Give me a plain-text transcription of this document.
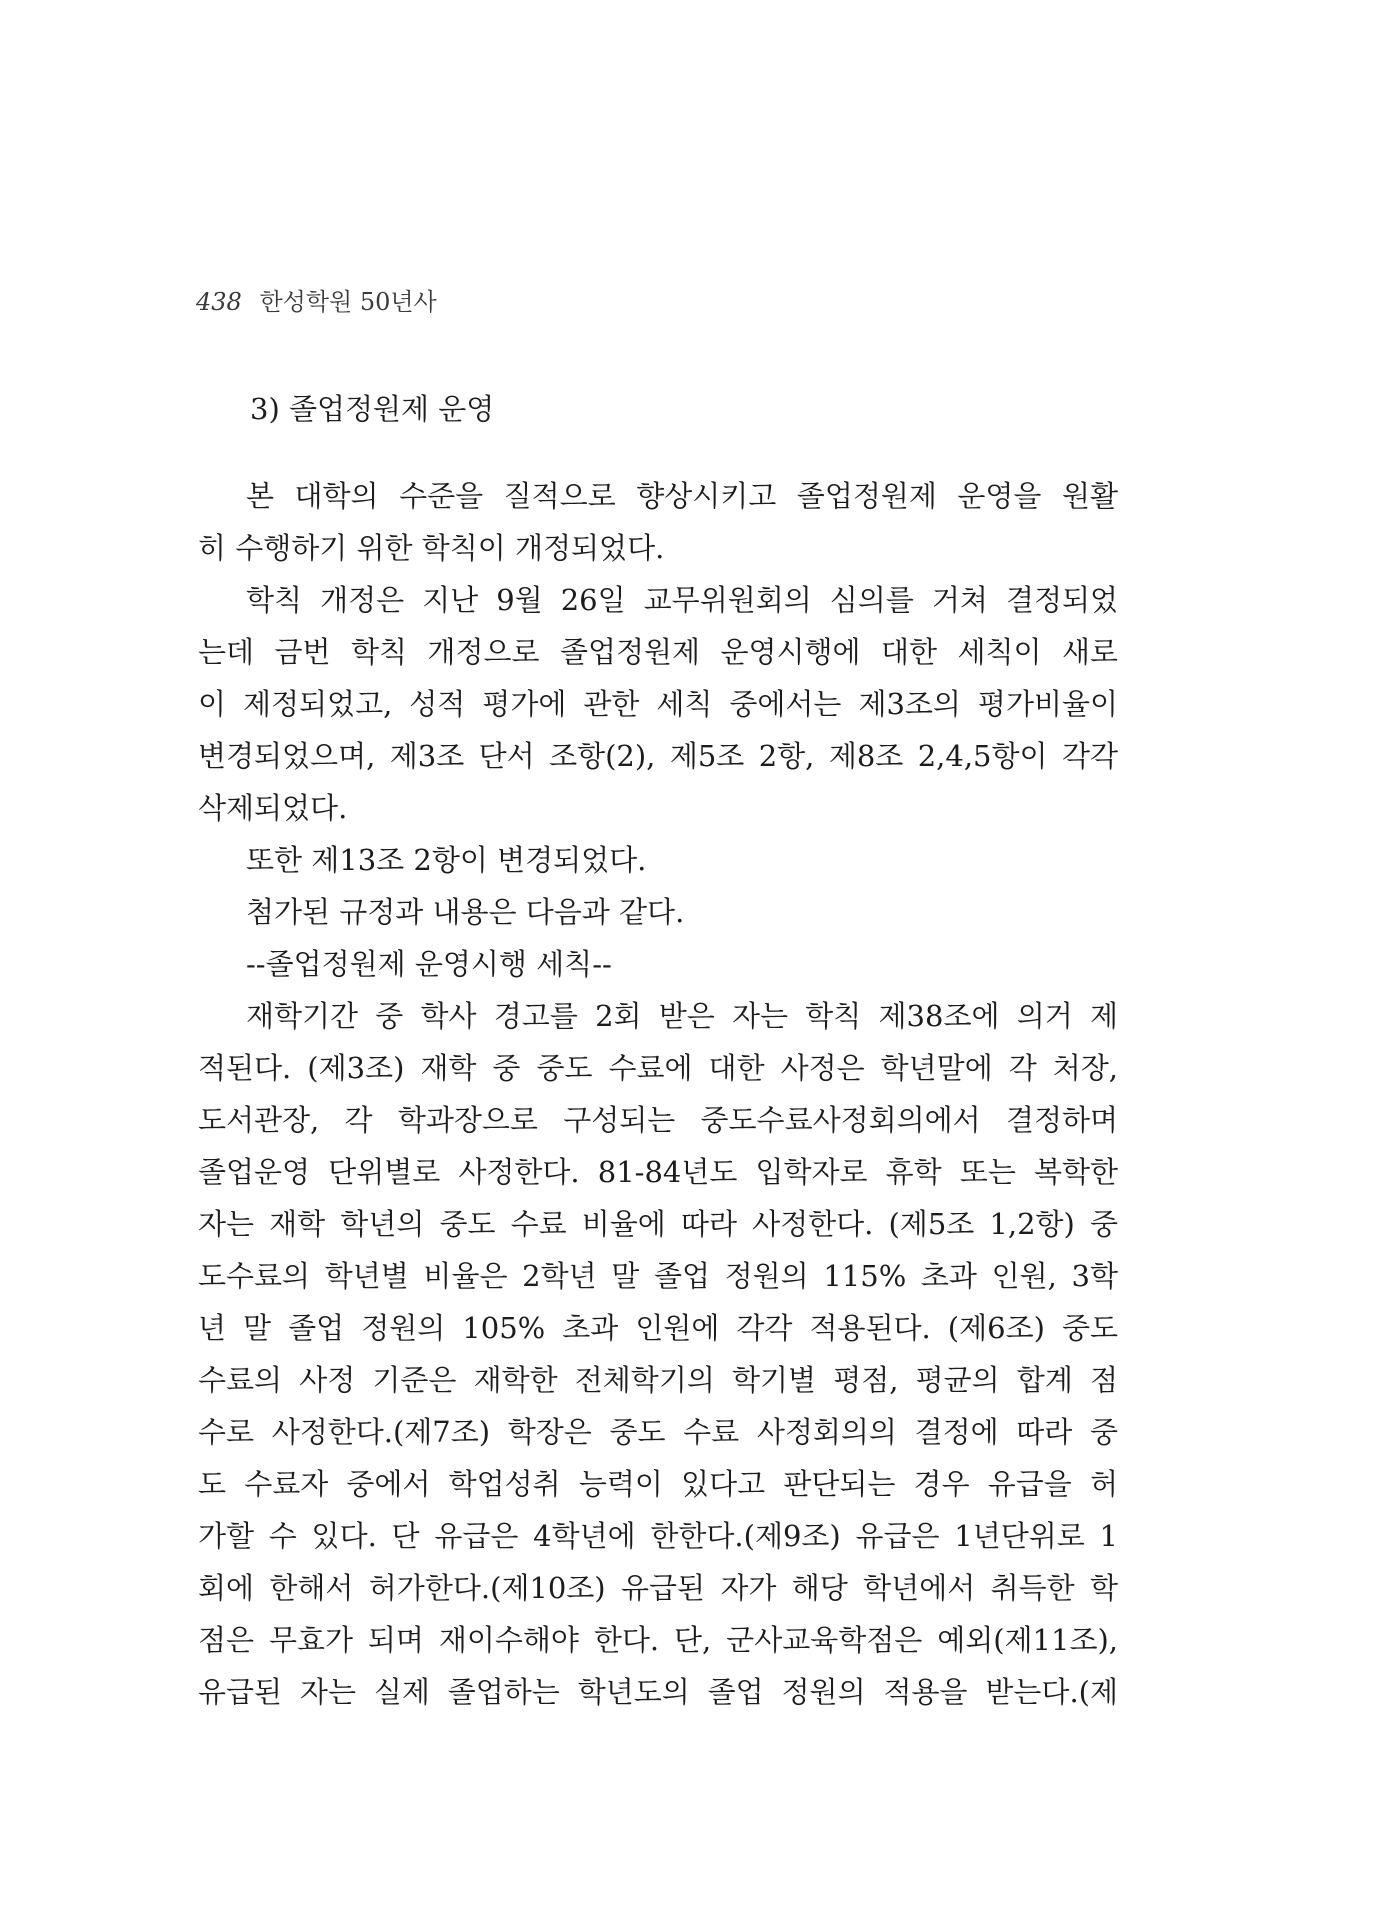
438 한성학원 50년사
3) 졸업정원제 운영
본 대학의 수준을 질적으로 향상시키고 졸업정원제 운영을 원활
히 수행하기 위한 학칙이 개정되었다.
학칙 개정은 지난 9월 26일 교무위원회의 심의를 거쳐 결정되었
는데 금번 학칙 개정으로 졸업정원제 운영시행에 대한 세칙이 새로
이 제정되었고, 성적 평가에 관한 세칙 중에서는 제3조의 평가비율이
변경되었으며, 제3조 단서 조항(2), 제5조 2항, 제8조 2,4,5항이 각각
삭제되었다.
또한 제13조 2항이 변경되었다.
첨가된 규정과 내용은 다음과 같다.
--졸업정원제 운영시행 세칙--
재학기간 중 학사 경고를 2회 받은 자는 학칙 제38조에 의거 제
적된다. (제3조) 재학 중 중도 수료에 대한 사정은 학년말에 각 처장,
도서관장, 각 학과장으로 구성되는 중도수료사정회의에서 결정하며
졸업운영 단위별로 사정한다. 81-84년도 입학자로 휴학 또는 복학한
자는 재학 학년의 중도 수료 비율에 따라 사정한다. (제5조 1,2항) 중
도수료의 학년별 비율은 2학년 말 졸업 정원의 115% 초과 인원, 3학
년 말 졸업 정원의 105% 초과 인원에 각각 적용된다. (제6조) 중도
수료의 사정 기준은 재학한 전체학기의 학기별 평점, 평균의 합계 점
수로 사정한다.(제7조) 학장은 중도 수료 사정회의의 결정에 따라 중
도 수료자 중에서 학업성취 능력이 있다고 판단되는 경우 유급을 허
가할 수 있다. 단 유급은 4학년에 한한다.(제9조) 유급은 1년단위로 1
회에 한해서 허가한다.(제10조) 유급된 자가 해당 학년에서 취득한 학
점은 무효가 되며 재이수해야 한다. 단, 군사교육학점은 예외(제11조),
유급된 자는 실제 졸업하는 학년도의 졸업 정원의 적용을 받는다.(제
